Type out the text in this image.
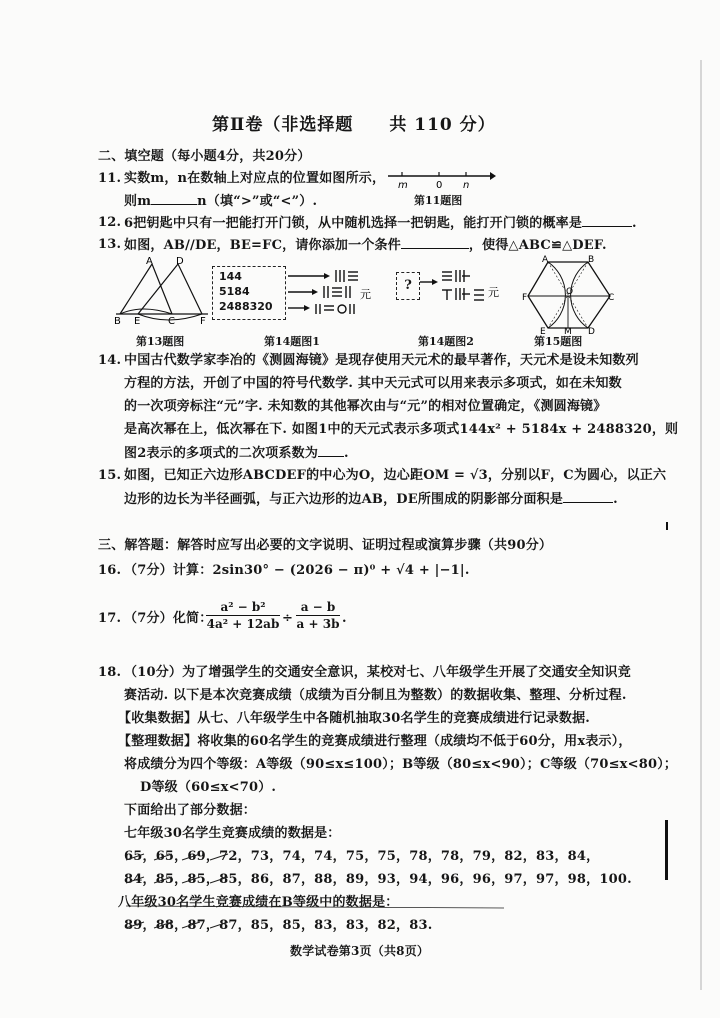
第Ⅱ卷（非选择题　　共 110 分）
二、填空题（每小题4分，共20分）
11. 实数m，n在数轴上对应点的位置如图所示，
则m	n（填“>”或“<”）.
m	0 n
第11题图
12. 6把钥匙中只有一把能打开门锁，从中随机选择一把钥匙，能打开门锁的概率是	.
13. 如图，AB//DE，BE=FC，请你添加一个条件	，使得△ABC≌△DEF.
A D
B E	C	F
第13题图
144
5184
2488320
元
第14题图1
?	元
第14题图2
A	B
F
O
C
E M D
第15题图
14. 中国古代数学家李冶的《测圆海镜》是现存使用天元术的最早著作，天元术是设未知数列
方程的方法，开创了中国的符号代数学. 其中天元式可以用来表示多项式，如在未知数
的一次项旁标注“元”字. 未知数的其他幂次由与“元”的相对位置确定，《测圆海镜》
是高次幂在上，低次幂在下. 如图1中的天元式表示多项式144x² + 5184x + 2488320，则
图2表示的多项式的二次项系数为 .
15. 如图，已知正六边形ABCDEF的中心为O，边心距OM = √3，分别以F，C为圆心，以正六
边形的边长为半径画弧，与正六边形的边AB，DE所围成的阴影部分面积是	.
三、解答题：解答时应写出必要的文字说明、证明过程或演算步骤（共90分）
16. （7分）计算：2sin30° − (2026 − π)⁰ + √4 + |−1|.
17. （7分）化简：
$\frac{\text{a² − b²}}{\text{4a² + 12ab}} \div \frac{a - b}{a + 3b}$ .
18. （10分）为了增强学生的交通安全意识，某校对七、八年级学生开展了交通安全知识竞
赛活动. 以下是本次竞赛成绩（成绩为百分制且为整数）的数据收集、整理、分析过程.
【收集数据】从七、八年级学生中各随机抽取30名学生的竞赛成绩进行记录数据.
【整理数据】将收集的60名学生的竞赛成绩进行整理（成绩均不低于60分，用x表示），
将成绩分为四个等级：A等级（90≤x≤100）；B等级（80≤x<90）；C等级（70≤x<80）；
D等级（60≤x<70）.
下面给出了部分数据：
七年级30名学生竞赛成绩的数据是：
65，65，69，72，73，74，74，75，75，78，78，79，82，83，84，
84，85，85，85，86，87，88，89，93，94，96，96，97，97，98，100.
八年级30名学生竞赛成绩在B等级中的数据是：
89，88，87，87，85，85，83，83，82，83.
数学试卷第3页（共8页）
